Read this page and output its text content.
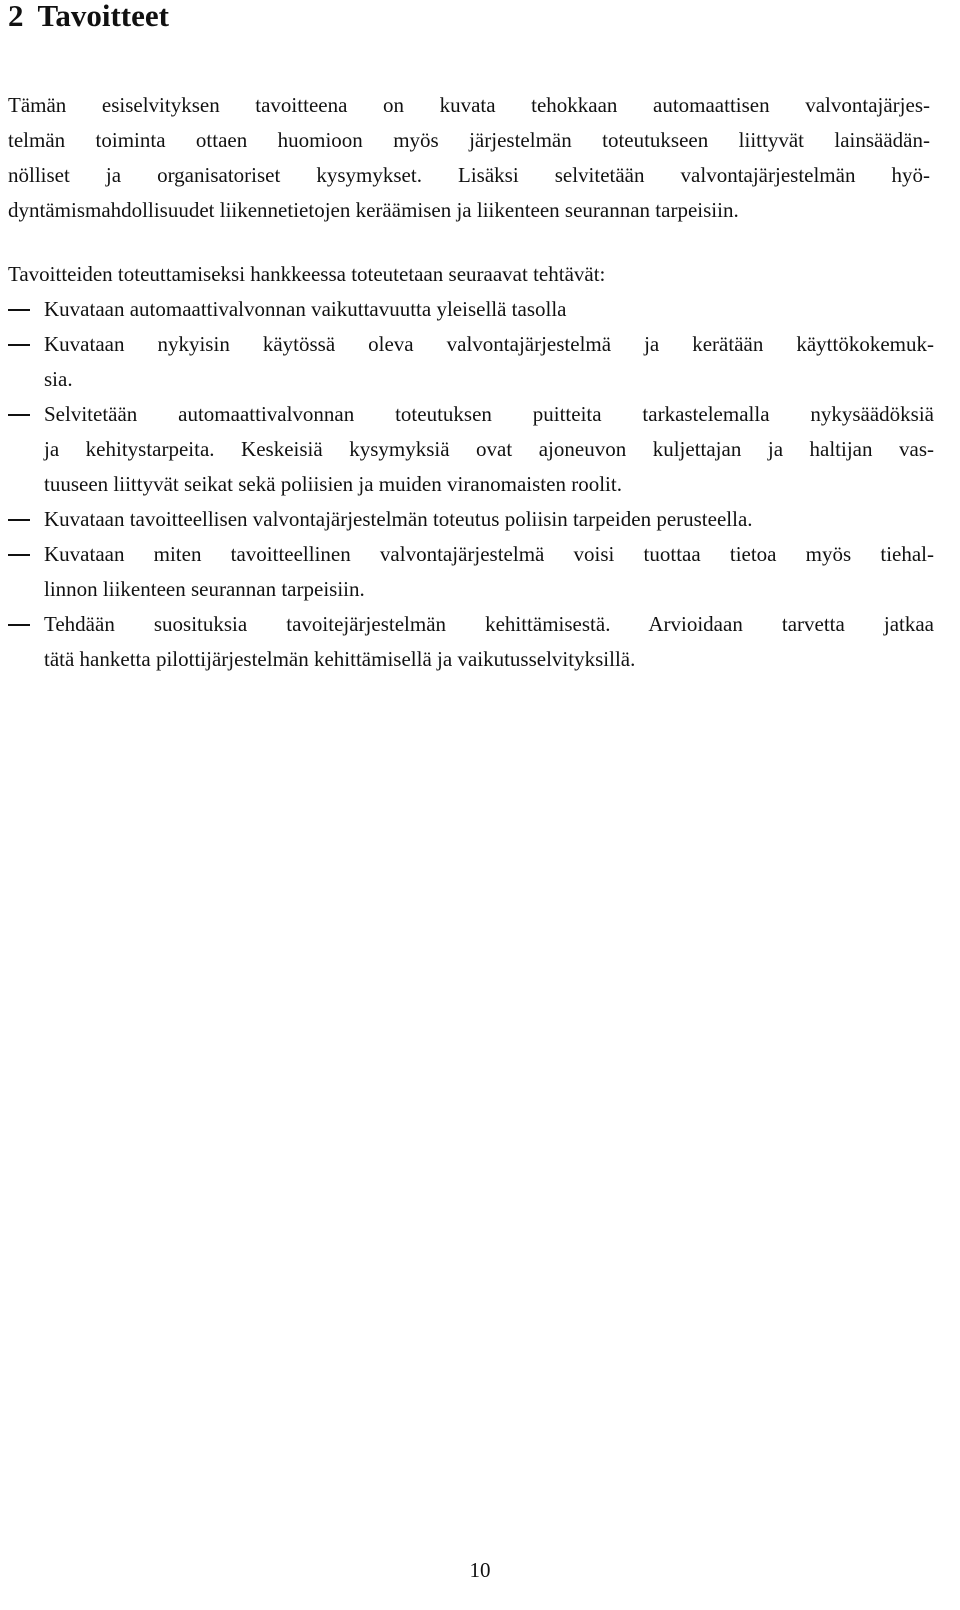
2 Tavoitteet

Tämän esiselvityksen tavoitteena on kuvata tehokkaan automaattisen valvontajärjes-
telmän toiminta ottaen huomioon myös järjestelmän toteutukseen liittyvät lainsäädän-
nölliset ja organisatoriset kysymykset. Lisäksi selvitetään valvontajärjestelmän hyö-
dyntämismahdollisuudet liikennetietojen keräämisen ja liikenteen seurannan tarpeisiin.

Tavoitteiden toteuttamiseksi hankkeessa toteutetaan seuraavat tehtävät:

Kuvataan automaattivalvonnan vaikuttavuutta yleisellä tasolla
Kuvataan nykyisin käytössä oleva valvontajärjestelmä ja kerätään käyttökokemuk-
sia.
Selvitetään automaattivalvonnan toteutuksen puitteita tarkastelemalla nykysäädöksiä
ja kehitystarpeita. Keskeisiä kysymyksiä ovat ajoneuvon kuljettajan ja haltijan vas-
tuuseen liittyvät seikat sekä poliisien ja muiden viranomaisten roolit.
Kuvataan tavoitteellisen valvontajärjestelmän toteutus poliisin tarpeiden perusteella.
Kuvataan miten tavoitteellinen valvontajärjestelmä voisi tuottaa tietoa myös tiehal-
linnon liikenteen seurannan tarpeisiin.
Tehdään suosituksia tavoitejärjestelmän kehittämisestä. Arvioidaan tarvetta jatkaa
tätä hanketta pilottijärjestelmän kehittämisellä ja vaikutusselvityksillä.
10
